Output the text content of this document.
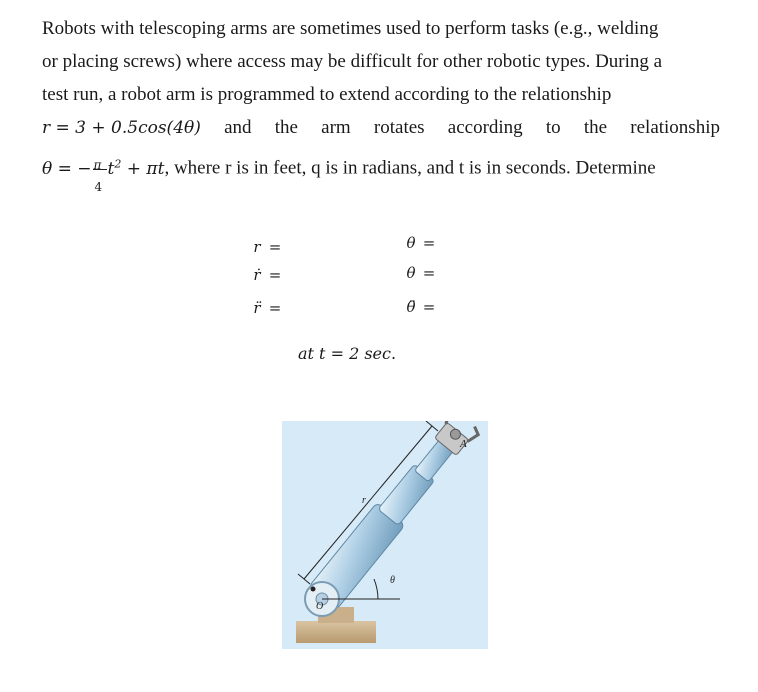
Robots with telescoping arms are sometimes used to perform tasks (e.g., welding
or placing screws) where access may be difficult for other robotic types. During a
test run, a robot arm is programmed to extend according to the relationship
r = 3 + 0.5cos(4θ) and the arm rotates according to the relationship
θ = − π
4
$t^2 + \pi t$, where r is in feet, q is in radians, and t is in seconds. Determine
r =
ṙ =
r̈ =
θ =
θ =
θ̈ =
at t = 2 sec.
A
r
θ
O
